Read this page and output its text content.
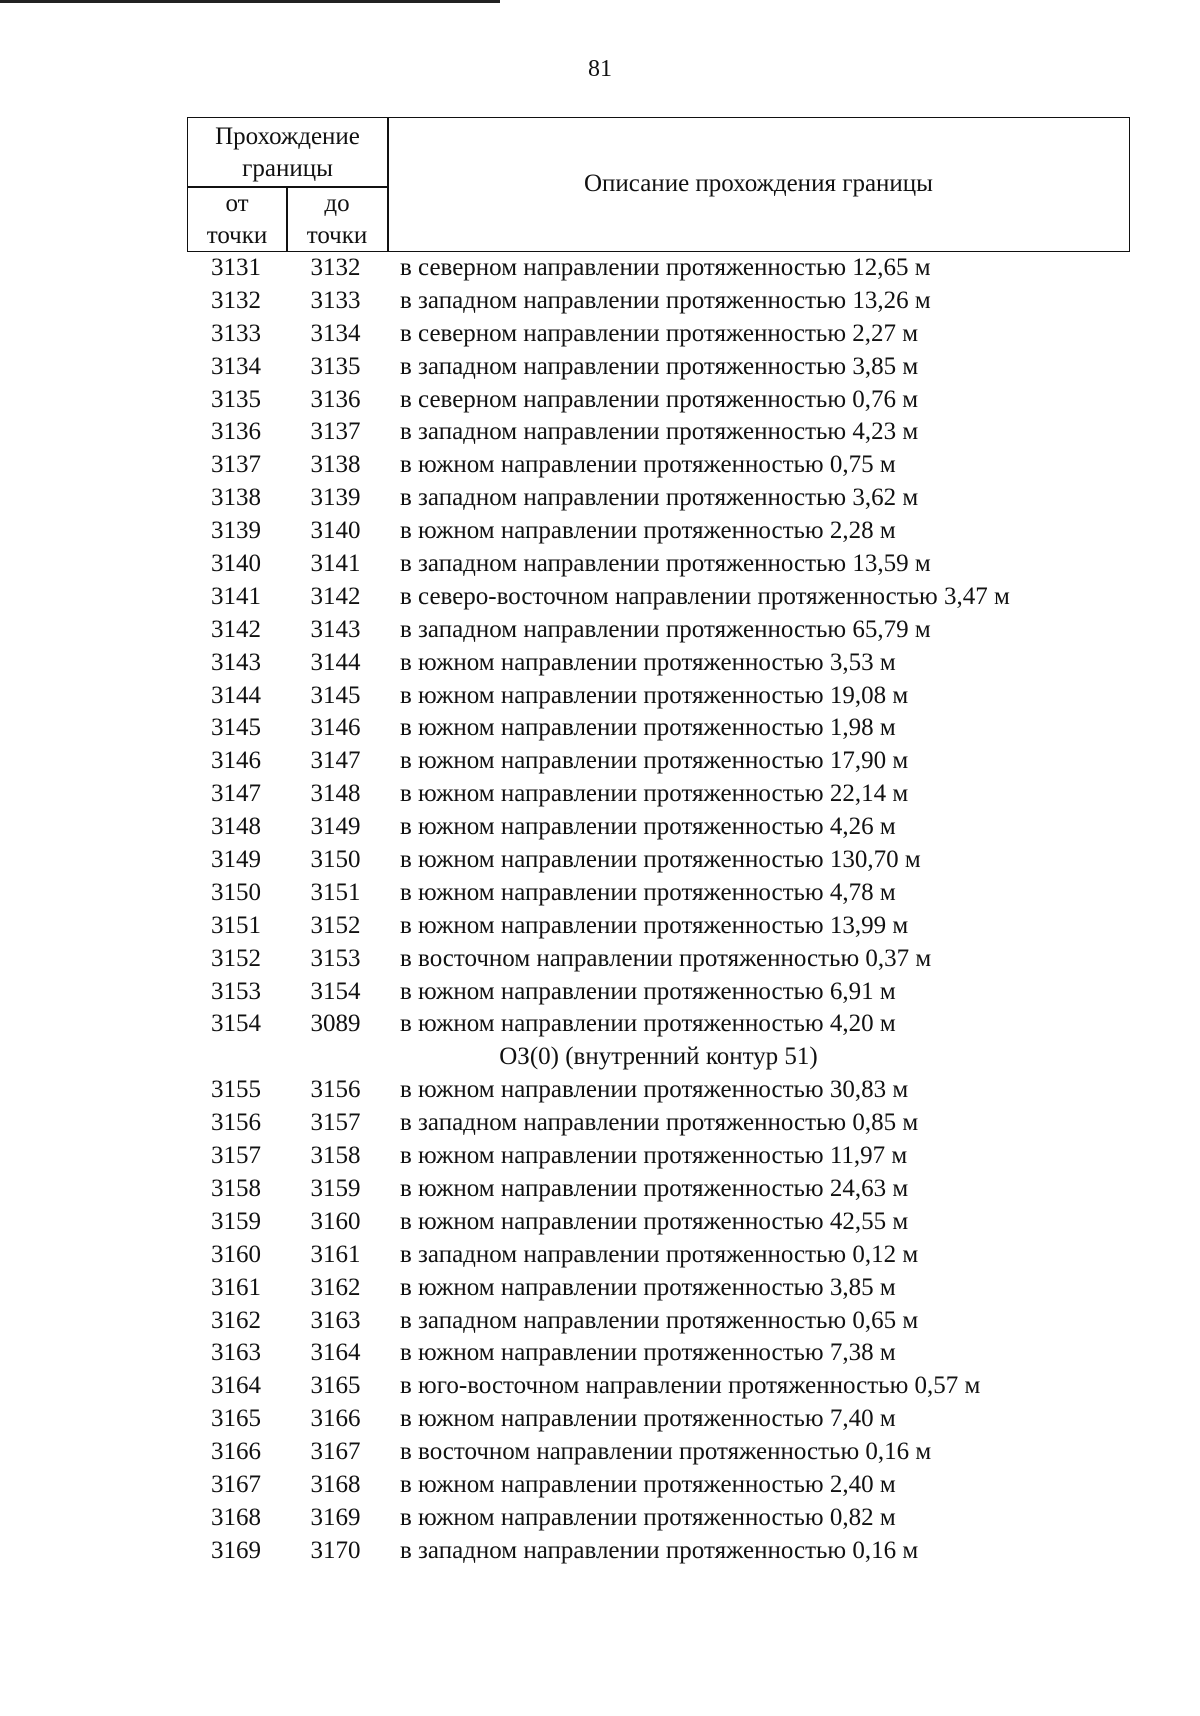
81
Прохождение
границы
от
точки
до
точки
Описание прохождения границы
3131	3132	в северном направлении протяженностью 12,65 м
3132	3133	в западном направлении протяженностью 13,26 м
3133	3134	в северном направлении протяженностью 2,27 м
3134	3135	в западном направлении протяженностью 3,85 м
3135	3136	в северном направлении протяженностью 0,76 м
3136	3137	в западном направлении протяженностью 4,23 м
3137	3138	в южном направлении протяженностью 0,75 м
3138	3139	в западном направлении протяженностью 3,62 м
3139	3140	в южном направлении протяженностью 2,28 м
3140	3141	в западном направлении протяженностью 13,59 м
3141	3142	в северо-восточном направлении протяженностью 3,47 м
3142	3143	в западном направлении протяженностью 65,79 м
3143	3144	в южном направлении протяженностью 3,53 м
3144	3145	в южном направлении протяженностью 19,08 м
3145	3146	в южном направлении протяженностью 1,98 м
3146	3147	в южном направлении протяженностью 17,90 м
3147	3148	в южном направлении протяженностью 22,14 м
3148	3149	в южном направлении протяженностью 4,26 м
3149	3150	в южном направлении протяженностью 130,70 м
3150	3151	в южном направлении протяженностью 4,78 м
3151	3152	в южном направлении протяженностью 13,99 м
3152	3153	в восточном направлении протяженностью 0,37 м
3153	3154	в южном направлении протяженностью 6,91 м
3154	3089	в южном направлении протяженностью 4,20 м
ОЗ(0) (внутренний контур 51)
3155	3156	в южном направлении протяженностью 30,83 м
3156	3157	в западном направлении протяженностью 0,85 м
3157	3158	в южном направлении протяженностью 11,97 м
3158	3159	в южном направлении протяженностью 24,63 м
3159	3160	в южном направлении протяженностью 42,55 м
3160	3161	в западном направлении протяженностью 0,12 м
3161	3162	в южном направлении протяженностью 3,85 м
3162	3163	в западном направлении протяженностью 0,65 м
3163	3164	в южном направлении протяженностью 7,38 м
3164	3165	в юго-восточном направлении протяженностью 0,57 м
3165	3166	в южном направлении протяженностью 7,40 м
3166	3167	в восточном направлении протяженностью 0,16 м
3167	3168	в южном направлении протяженностью 2,40 м
3168	3169	в южном направлении протяженностью 0,82 м
3169	3170	в западном направлении протяженностью 0,16 м
